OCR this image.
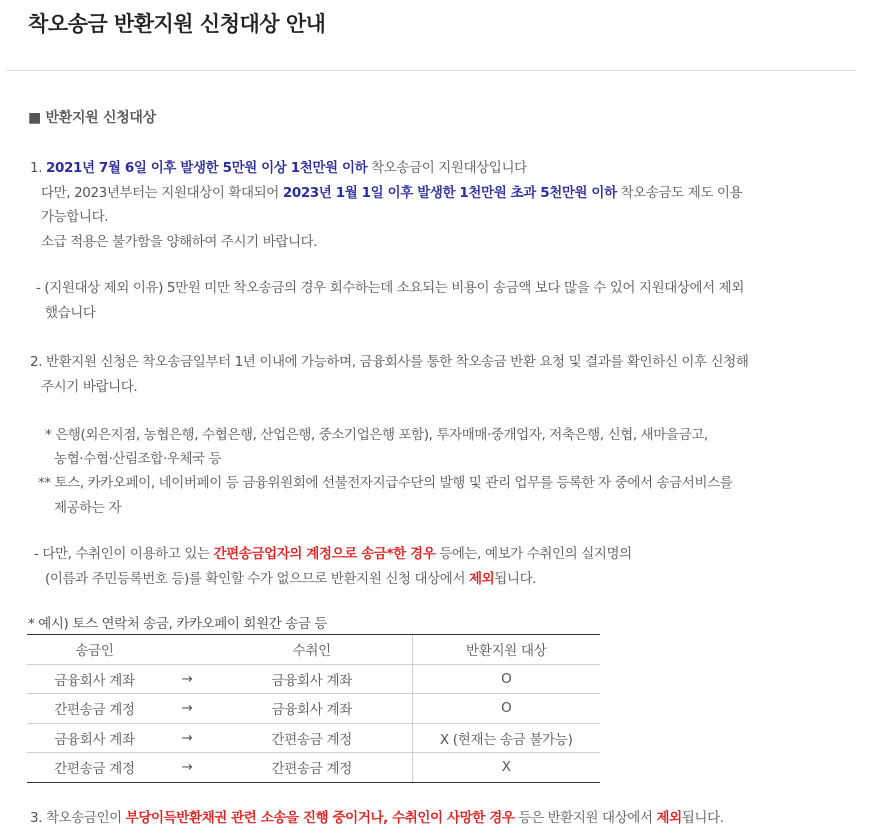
착오송금 반환지원 신청대상 안내
■ 반환지원 신청대상
1. 2021년 7월 6일 이후 발생한 5만원 이상 1천만원 이하 착오송금이 지원대상입니다
다만, 2023년부터는 지원대상이 확대되어 2023년 1월 1일 이후 발생한 1천만원 초과 5천만원 이하 착오송금도 제도 이용
가능합니다.
소급 적용은 불가함을 양해하여 주시기 바랍니다.
- (지원대상 제외 이유) 5만원 미만 착오송금의 경우 회수하는데 소요되는 비용이 송금액 보다 많을 수 있어 지원대상에서 제외
했습니다
2. 반환지원 신청은 착오송금일부터 1년 이내에 가능하며, 금융회사를 통한 착오송금 반환 요청 및 결과를 확인하신 이후 신청해
주시기 바랍니다.
* 은행(외은지점, 농협은행, 수협은행, 산업은행, 중소기업은행 포함), 투자매매·중개업자, 저축은행, 신협, 새마을금고,
농협·수협·산림조합·우체국 등
** 토스, 카카오페이, 네이버페이 등 금융위원회에 선불전자지급수단의 발행 및 관리 업무를 등록한 자 중에서 송금서비스를
제공하는 자
- 다만, 수취인이 이용하고 있는 간편송금업자의 계정으로 송금*한 경우 등에는, 예보가 수취인의 실지명의
(이름과 주민등록번호 등)를 확인할 수가 없으므로 반환지원 신청 대상에서 제외됩니다.
* 예시) 토스 연락처 송금, 카카오페이 회원간 송금 등
송금인		수취인	반환지원 대상
금융회사 계좌	→	금융회사 계좌	O
간편송금 계정	→	금융회사 계좌	O
금융회사 계좌	→	간편송금 계정	X (현재는 송금 불가능)
간편송금 계정	→	간편송금 계정	X
3. 착오송금인이 부당이득반환채권 관련 소송을 진행 중이거나, 수취인이 사망한 경우 등은 반환지원 대상에서 제외됩니다.
